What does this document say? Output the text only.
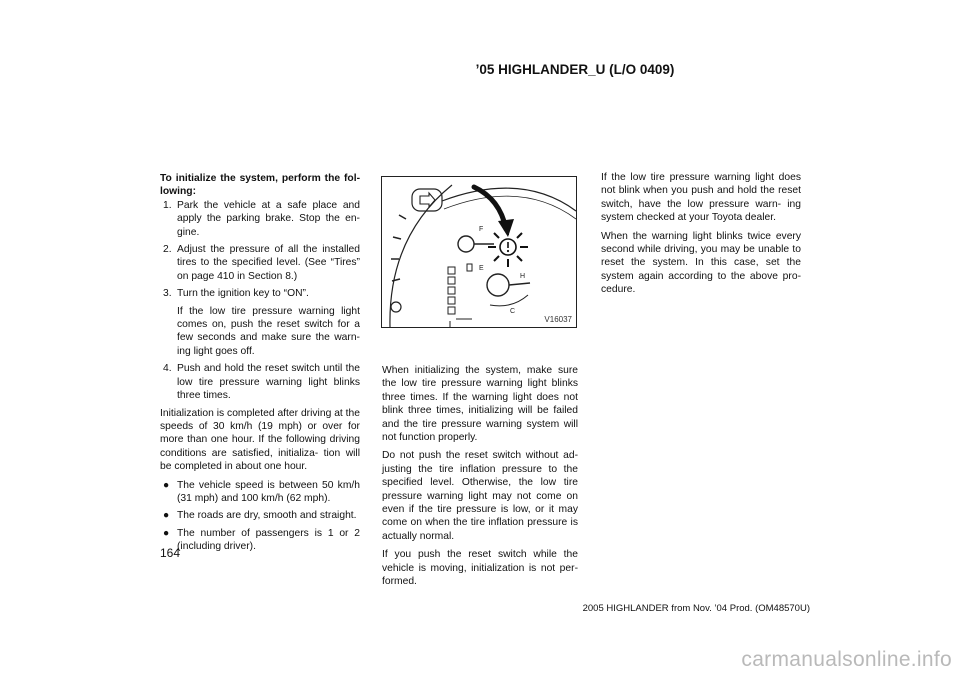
’05 HIGHLANDER_U (L/O 0409)

To initialize the system, perform the fol- lowing:

1. Park the vehicle at a safe place and apply the parking brake. Stop the en- gine.
2. Adjust the pressure of all the installed tires to the specified level. (See “Tires” on page 410 in Section 8.)
3. Turn the ignition key to “ON”.

If the low tire pressure warning light comes on, push the reset switch for a few seconds and make sure the warn- ing light goes off.

4. Push and hold the reset switch until the low tire pressure warning light blinks three times.

Initialization is completed after driving at the speeds of 30 km/h (19 mph) or over for more than one hour. If the following driving conditions are satisfied, initializa- tion will be completed in about one hour.

● The vehicle speed is between 50 km/h (31 mph) and 100 km/h (62 mph).
● The roads are dry, smooth and straight.
● The number of passengers is 1 or 2 (including driver).
F
E
C
H
V16037

When initializing the system, make sure the low tire pressure warning light blinks three times. If the warning light does not blink three times, initializing will be failed and the tire pressure warning system will not function properly.

Do not push the reset switch without ad- justing the tire inflation pressure to the specified level. Otherwise, the low tire pressure warning light may not come on even if the tire pressure is low, or it may come on when the tire inflation pressure is actually normal.

If you push the reset switch while the vehicle is moving, initialization is not per- formed.

If the low tire pressure warning light does not blink when you push and hold the reset switch, have the low pressure warn- ing system checked at your Toyota dealer.

When the warning light blinks twice every second while driving, you may be unable to reset the system. In this case, set the system again according to the above pro- cedure.

164
2005 HIGHLANDER from Nov. ’04 Prod. (OM48570U)
carmanualsonline.info
